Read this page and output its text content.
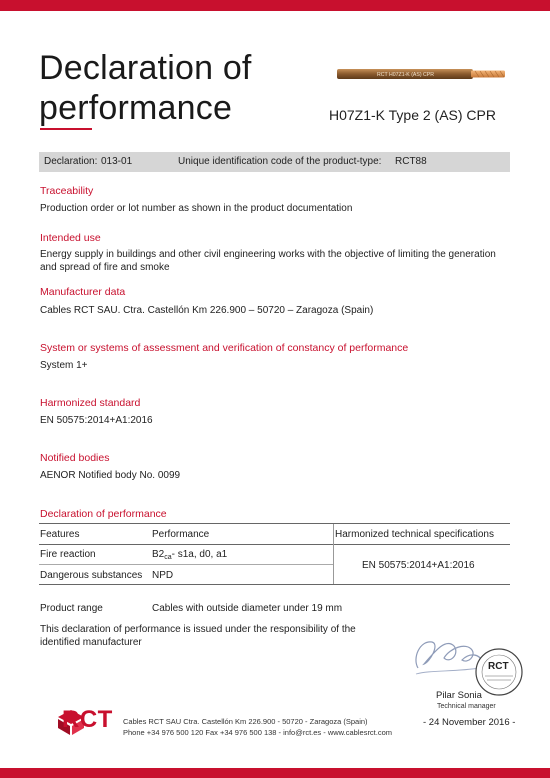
Declaration of
performance
RCT H07Z1-K (AS) CPR
H07Z1-K Type 2 (AS) CPR
Declaration: 013-01	Unique identification code of the product-type: RCT88
Traceability
Production order or lot number as shown in the product documentation
Intended use
Energy supply in buildings and other civil engineering works with the objective of limiting the generation and spread of fire and smoke
Manufacturer data
Cables RCT SAU. Ctra. Castellón Km 226.900 – 50720 – Zaragoza (Spain)
System or systems of assessment and verification of constancy of performance
System 1+
Harmonized standard
EN 50575:2014+A1:2016
Notified bodies
AENOR Notified body No. 0099
Declaration of performance
Features	Performance	Harmonized technical specifications
Fire reaction	$B2_{ca}-$ s1a, d0, a1
Dangerous substances NPD
EN 50575:2014+A1:2016
Product range	Cables with outside diameter under 19 mm
This declaration of performance is issued under the responsibility of the identified manufacturer
RCT
Pilar Sonia
Technical manager
- 24 November 2016 -
RCT Cables RCT SAU Ctra. Castellón Km 226.900 - 50720 - Zaragoza (Spain)
Phone +34 976 500 120 Fax +34 976 500 138 - info@rct.es - www.cablesrct.com
